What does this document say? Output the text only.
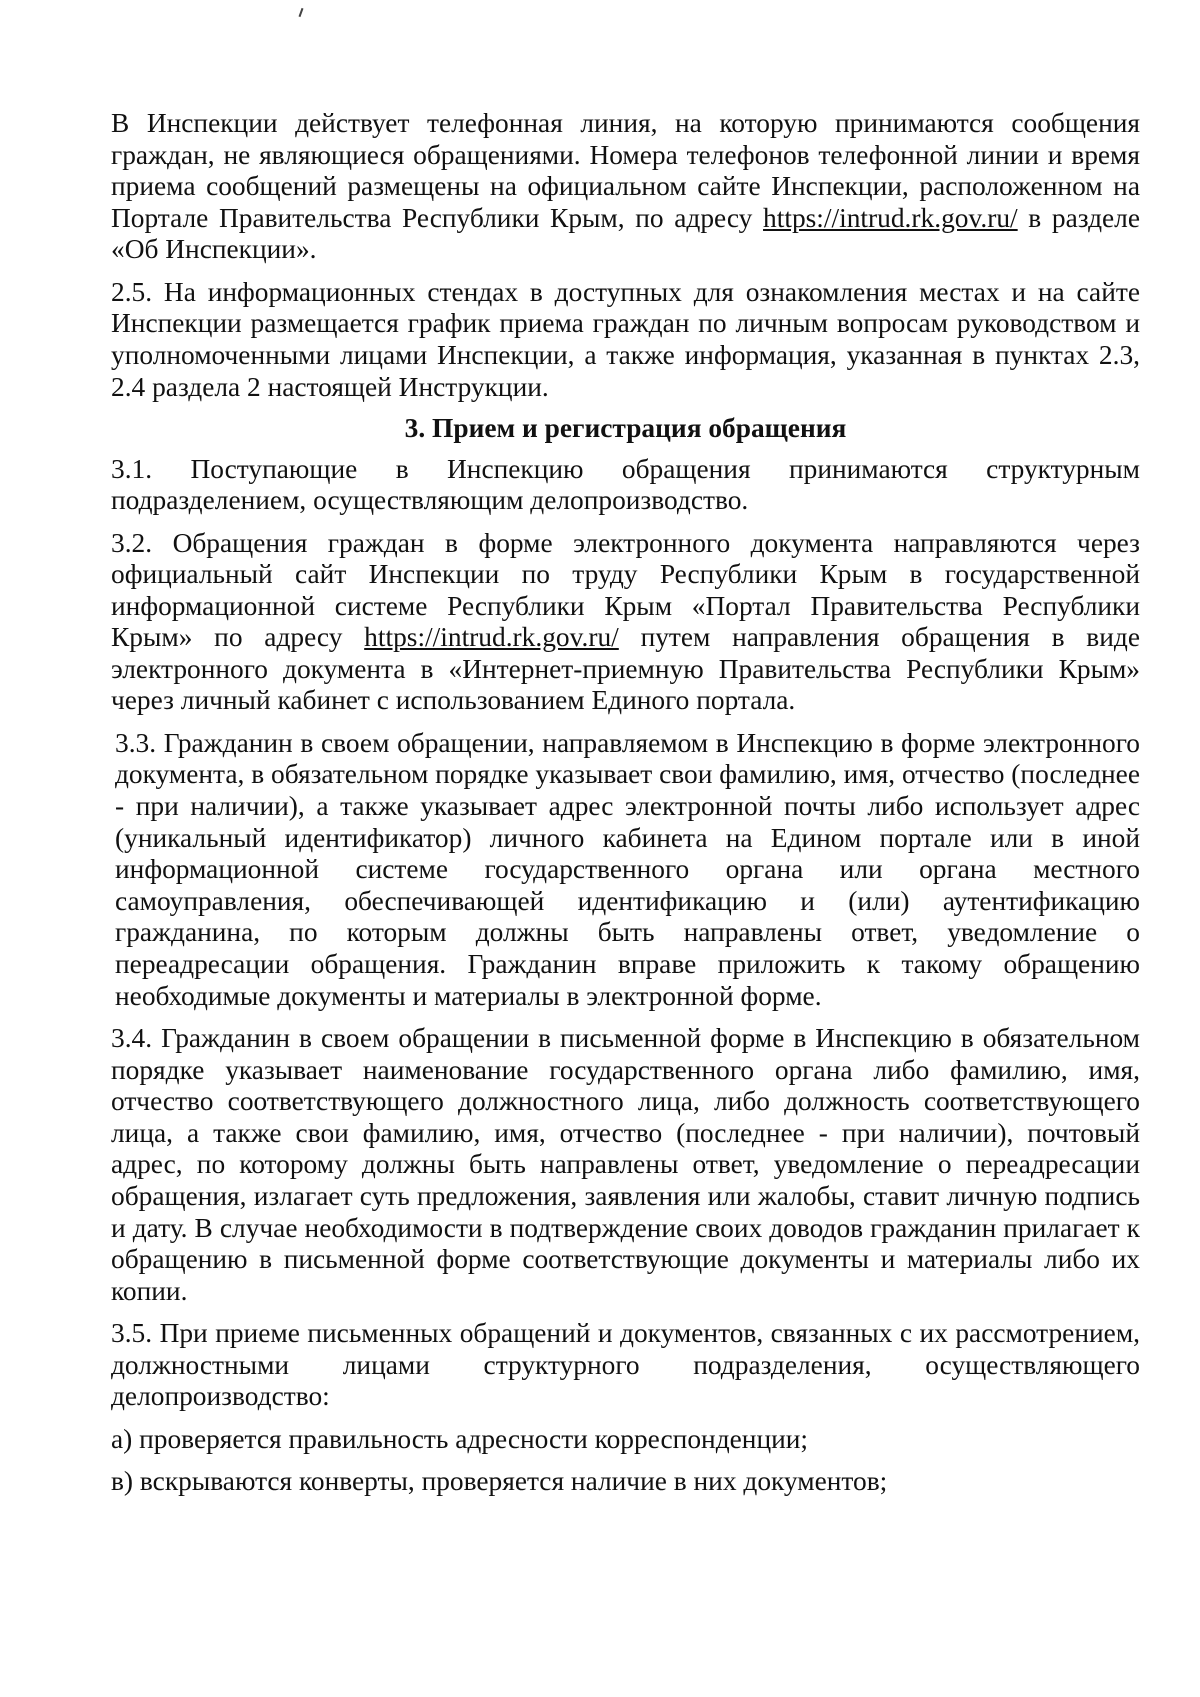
В Инспекции действует телефонная линия, на которую принимаются сообщения граждан, не являющиеся обращениями. Номера телефонов телефонной линии и время приема сообщений размещены на официальном сайте Инспекции, расположенном на Портале Правительства Республики Крым, по адресу https://intrud.rk.gov.ru/ в разделе «Об Инспекции».

2.5. На информационных стендах в доступных для ознакомления местах и на сайте Инспекции размещается график приема граждан по личным вопросам руководством и уполномоченными лицами Инспекции, а также информация, указанная в пунктах 2.3, 2.4 раздела 2 настоящей Инструкции.

3. Прием и регистрация обращения

3.1. Поступающие в Инспекцию обращения принимаются структурным подразделением, осуществляющим делопроизводство.

3.2. Обращения граждан в форме электронного документа направляются через официальный сайт Инспекции по труду Республики Крым в государственной информационной системе Республики Крым «Портал Правительства Республики Крым» по адресу https://intrud.rk.gov.ru/ путем направления обращения в виде электронного документа в «Интернет-приемную Правительства Республики Крым» через личный кабинет с использованием Единого портала.

3.3. Гражданин в своем обращении, направляемом в Инспекцию в форме электронного документа, в обязательном порядке указывает свои фамилию, имя, отчество (последнее - при наличии), а также указывает адрес электронной почты либо использует адрес (уникальный идентификатор) личного кабинета на Едином портале или в иной информационной системе государственного органа или органа местного самоуправления, обеспечивающей идентификацию и (или) аутентификацию гражданина, по которым должны быть направлены ответ, уведомление о переадресации обращения. Гражданин вправе приложить к такому обращению необходимые документы и материалы в электронной форме.

3.4. Гражданин в своем обращении в письменной форме в Инспекцию в обязательном порядке указывает наименование государственного органа либо фамилию, имя, отчество соответствующего должностного лица, либо должность соответствующего лица, а также свои фамилию, имя, отчество (последнее - при наличии), почтовый адрес, по которому должны быть направлены ответ, уведомление о переадресации обращения, излагает суть предложения, заявления или жалобы, ставит личную подпись и дату. В случае необходимости в подтверждение своих доводов гражданин прилагает к обращению в письменной форме соответствующие документы и материалы либо их копии.

3.5. При приеме письменных обращений и документов, связанных с их рассмотрением, должностными лицами структурного подразделения, осуществляющего делопроизводство:

а) проверяется правильность адресности корреспонденции;

в) вскрываются конверты, проверяется наличие в них документов;
